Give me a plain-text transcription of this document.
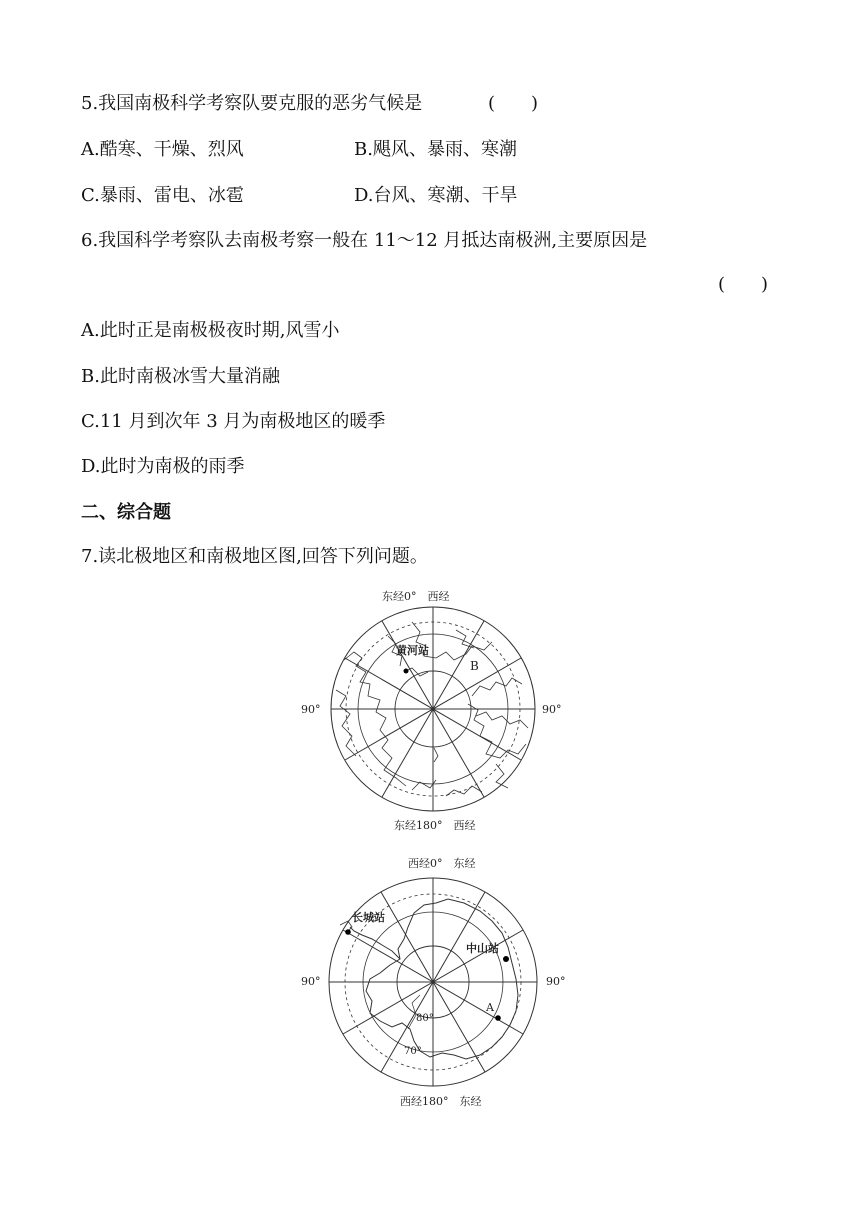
5.我国南极科学考察队要克服的恶劣气候是	(　　)
A.酷寒、干燥、烈风	B.飓风、暴雨、寒潮
C.暴雨、雷电、冰雹	D.台风、寒潮、干旱
6.我国科学考察队去南极考察一般在 11～12 月抵达南极洲,主要原因是
(　　)
A.此时正是南极极夜时期,风雪小
B.此时南极冰雪大量消融
C.11 月到次年 3 月为南极地区的暖季
D.此时为南极的雨季
二、综合题
7.读北极地区和南极地区图,回答下列问题。
东经0°　西经
东经180°　西经
90°	90°
黄河站
B
西经0°　东经
西经180°　东经
90°	90°
长城站
中山站
A
80°
70°
